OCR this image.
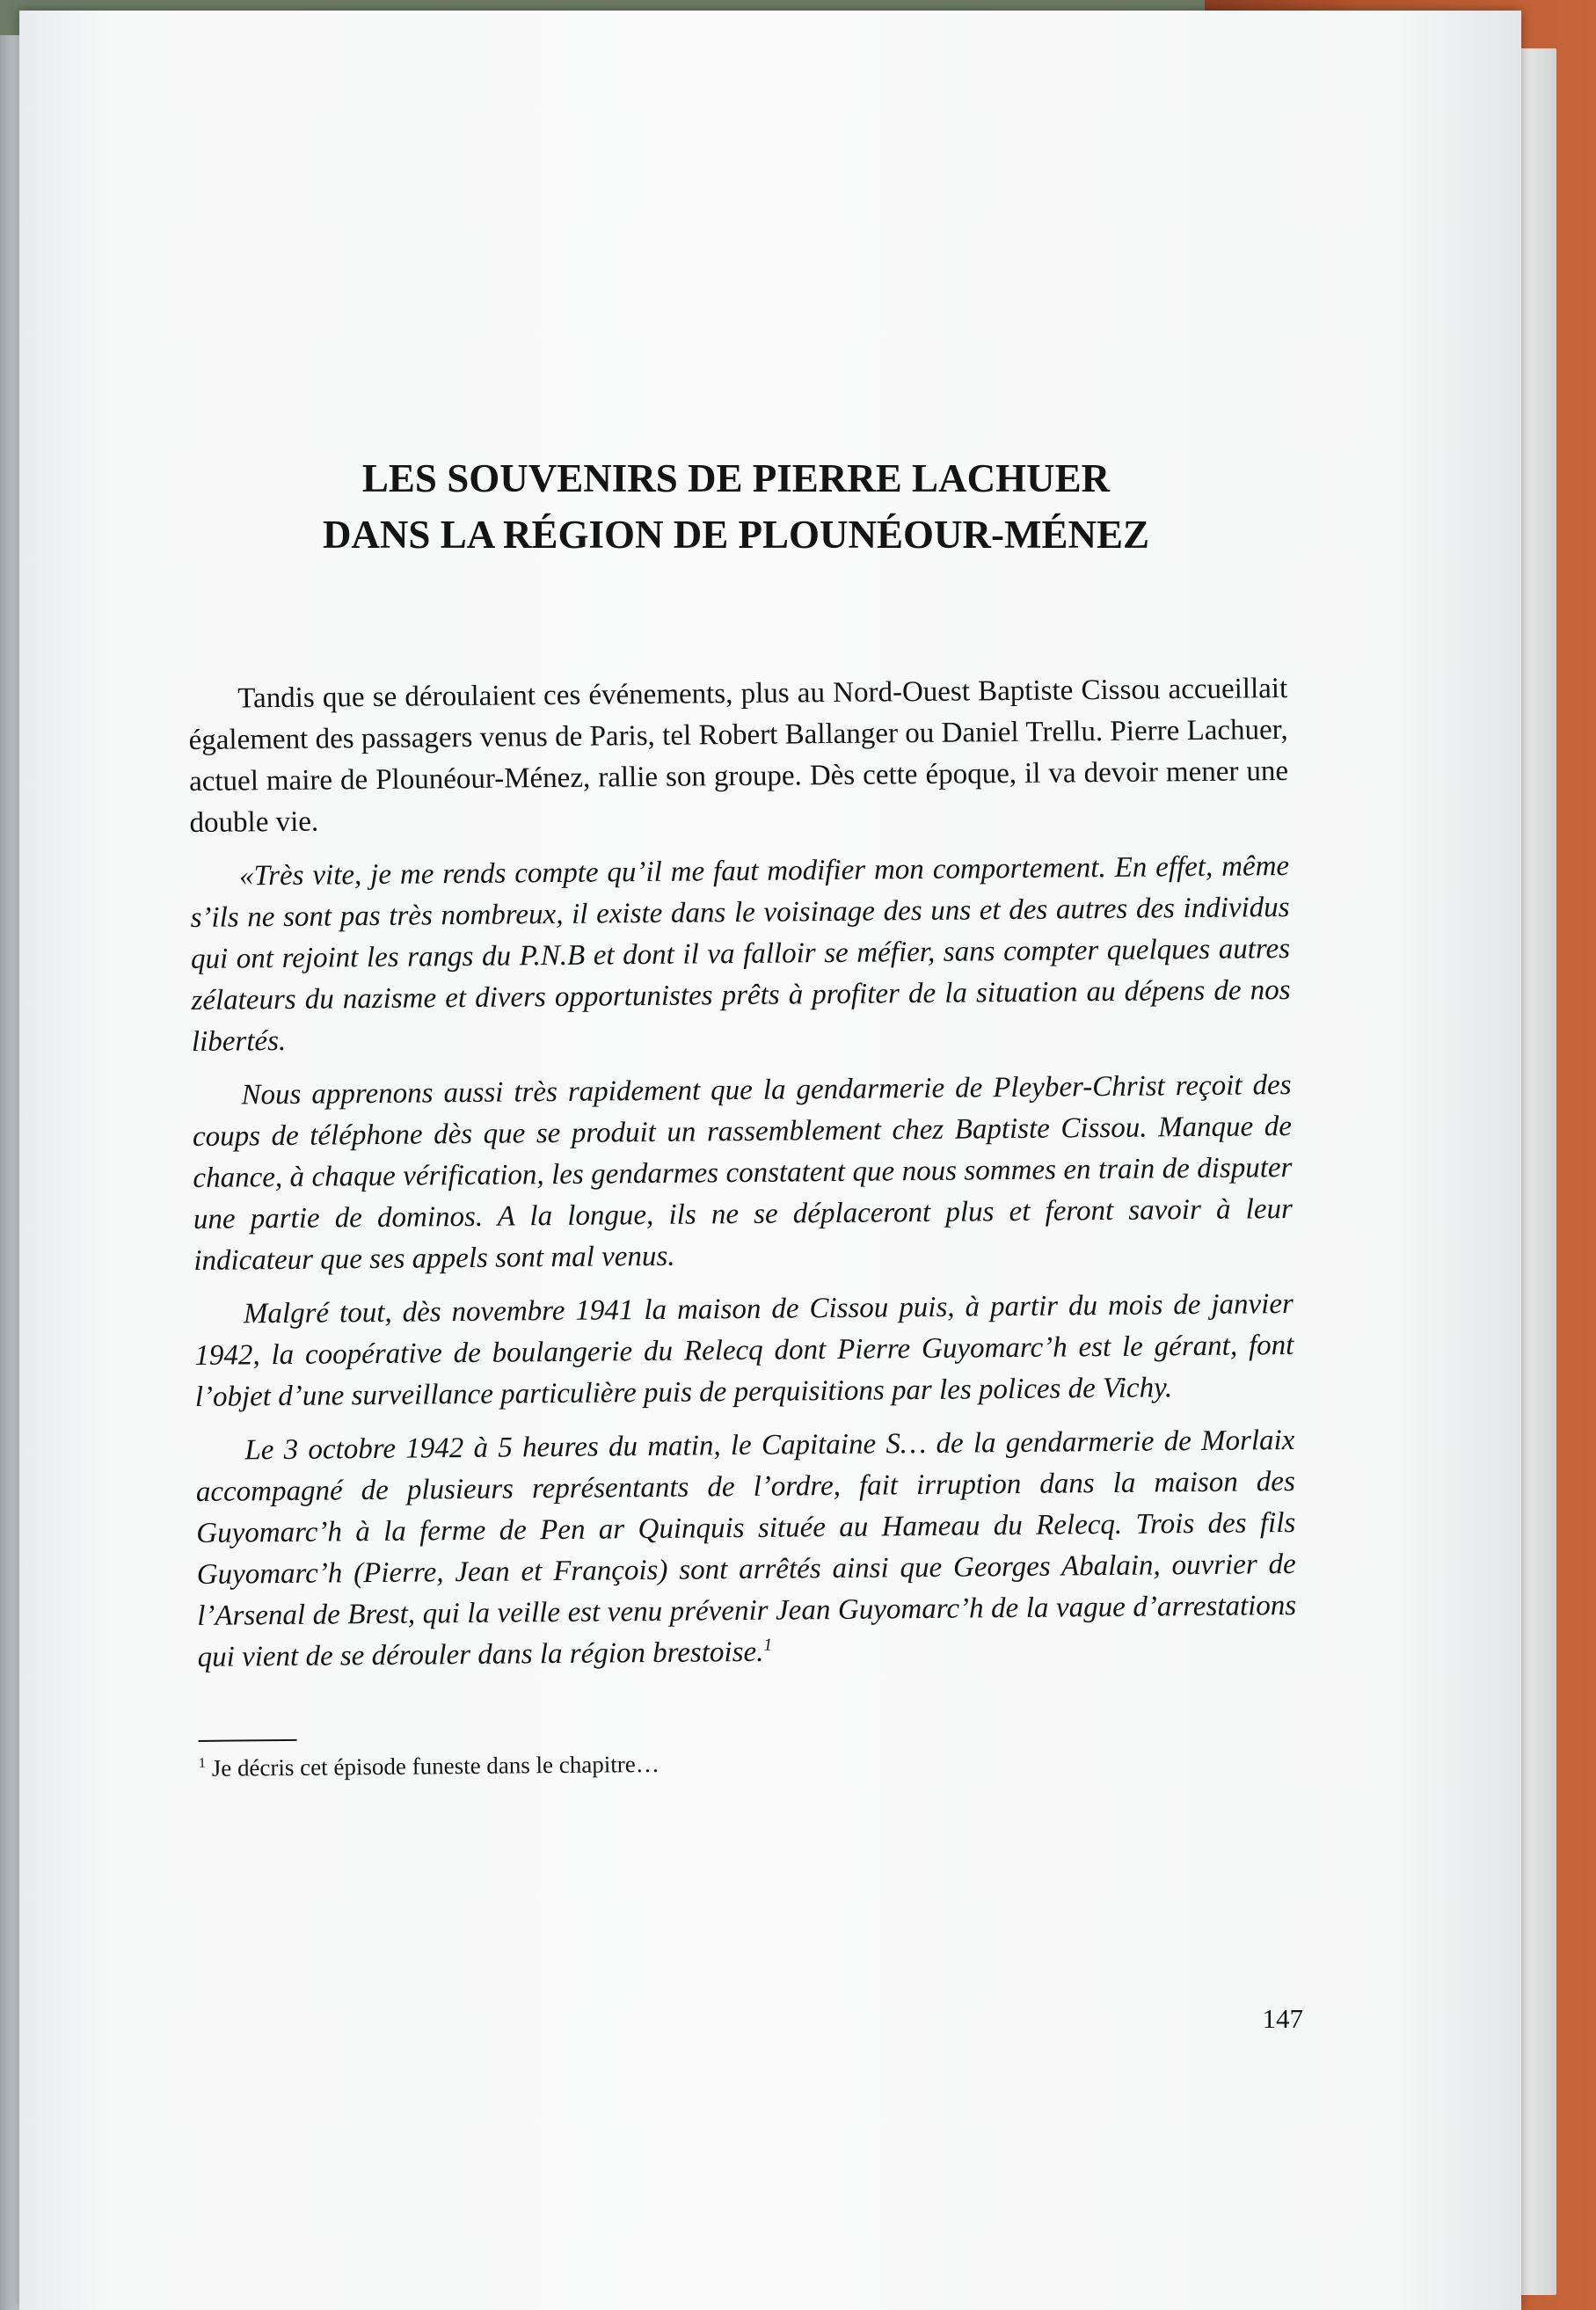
LES SOUVENIRS DE PIERRE LACHUER
DANS LA RÉGION DE PLOUNÉOUR-MÉNEZ

Tandis que se déroulaient ces événements, plus au Nord-Ouest Baptiste Cissou accueillait également des passagers venus de Paris, tel Robert Ballanger ou Daniel Trellu. Pierre Lachuer, actuel maire de Plounéour-Ménez, rallie son groupe. Dès cette époque, il va devoir mener une double vie.

«Très vite, je me rends compte qu’il me faut modifier mon comportement. En effet, même s’ils ne sont pas très nombreux, il existe dans le voisinage des uns et des autres des individus qui ont rejoint les rangs du P.N.B et dont il va falloir se méfier, sans compter quelques autres zélateurs du nazisme et divers opportunistes prêts à profiter de la situation au dépens de nos libertés.

Nous apprenons aussi très rapidement que la gendarmerie de Pleyber-Christ reçoit des coups de téléphone dès que se produit un rassemblement chez Baptiste Cissou. Manque de chance, à chaque vérification, les gendarmes constatent que nous sommes en train de disputer une partie de dominos. A la longue, ils ne se déplaceront plus et feront savoir à leur indicateur que ses appels sont mal venus.

Malgré tout, dès novembre 1941 la maison de Cissou puis, à partir du mois de janvier 1942, la coopérative de boulangerie du Relecq dont Pierre Guyomarc’h est le gérant, font l’objet d’une surveillance particulière puis de perquisitions par les polices de Vichy.

Le 3 octobre 1942 à 5 heures du matin, le Capitaine S… de la gendarmerie de Morlaix accompagné de plusieurs représentants de l’ordre, fait irruption dans la maison des Guyomarc’h à la ferme de Pen ar Quinquis située au Hameau du Relecq. Trois des fils Guyomarc’h (Pierre, Jean et François) sont arrêtés ainsi que Georges Abalain, ouvrier de l’Arsenal de Brest, qui la veille est venu prévenir Jean Guyomarc’h de la vague d’arrestations qui vient de se dérouler dans la région brestoise.$^1$

$^1$ Je décris cet épisode funeste dans le chapitre…

147
